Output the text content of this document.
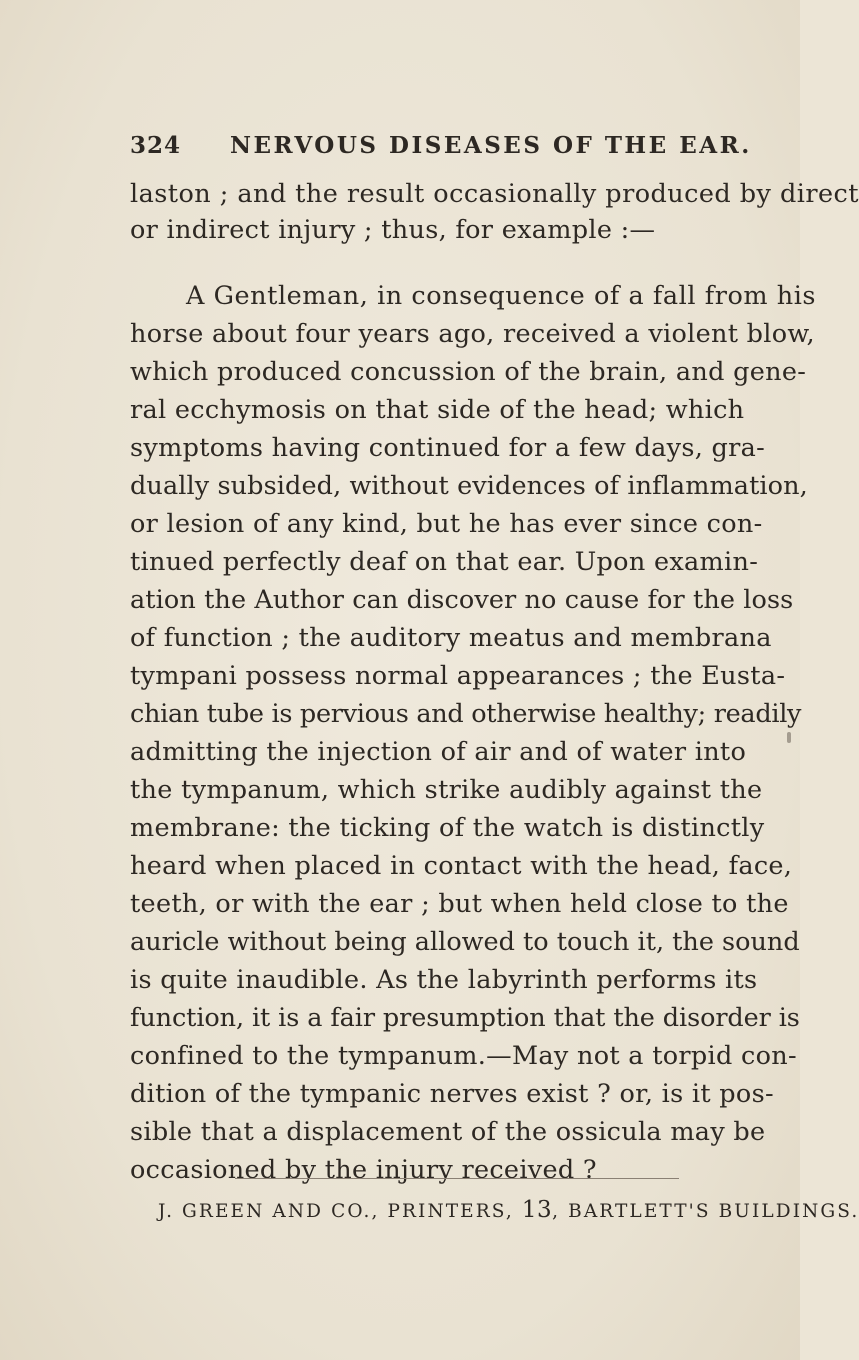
324 NERVOUS DISEASES OF THE EAR.
laston ; and the result occasionally produced by direct
or indirect injury ; thus, for example :—
A Gentleman, in consequence of a fall from his
horse about four years ago, received a violent blow,
which produced concussion of the brain, and gene-
ral ecchymosis on that side of the head; which
symptoms having continued for a few days, gra-
dually subsided, without evidences of inflammation,
or lesion of any kind, but he has ever since con-
tinued perfectly deaf on that ear. Upon examin-
ation the Author can discover no cause for the loss
of function ; the auditory meatus and membrana
tympani possess normal appearances ; the Eusta-
chian tube is pervious and otherwise healthy; readily
admitting the injection of air and of water into
the tympanum, which strike audibly against the
membrane: the ticking of the watch is distinctly
heard when placed in contact with the head, face,
teeth, or with the ear ; but when held close to the
auricle without being allowed to touch it, the sound
is quite inaudible. As the labyrinth performs its
function, it is a fair presumption that the disorder is
confined to the tympanum.—May not a torpid con-
dition of the tympanic nerves exist ? or, is it pos-
sible that a displacement of the ossicula may be
occasioned by the injury received ?
J. GREEN AND CO., PRINTERS, 13, BARTLETT'S BUILDINGS.
